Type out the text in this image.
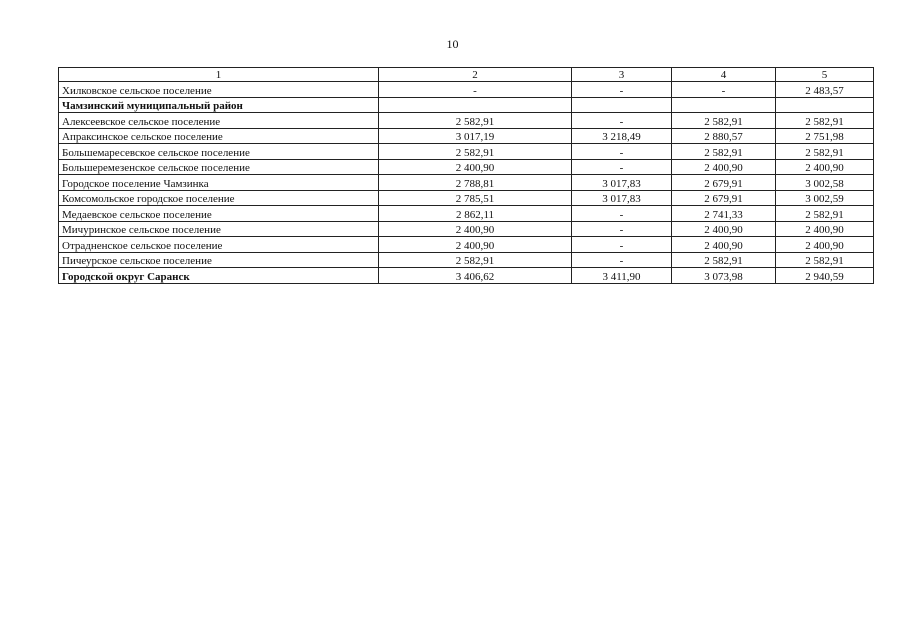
10
1	2	3	4	5
Хилковское сельское поселение	-	-	-	2 483,57
Чамзинский муниципальный район				
Алексеевское сельское поселение	2 582,91	-	2 582,91	2 582,91
Апраксинское сельское поселение	3 017,19	3 218,49	2 880,57	2 751,98
Большемаресевское сельское поселение	2 582,91	-	2 582,91	2 582,91
Большеремезенское сельское поселение	2 400,90	-	2 400,90	2 400,90
Городское поселение Чамзинка	2 788,81	3 017,83	2 679,91	3 002,58
Комсомольское городское поселение	2 785,51	3 017,83	2 679,91	3 002,59
Медаевское сельское поселение	2 862,11	-	2 741,33	2 582,91
Мичуринское сельское поселение	2 400,90	-	2 400,90	2 400,90
Отрадненское сельское поселение	2 400,90	-	2 400,90	2 400,90
Пичеурское сельское поселение	2 582,91	-	2 582,91	2 582,91
Городской округ Саранск	3 406,62	3 411,90	3 073,98	2 940,59
